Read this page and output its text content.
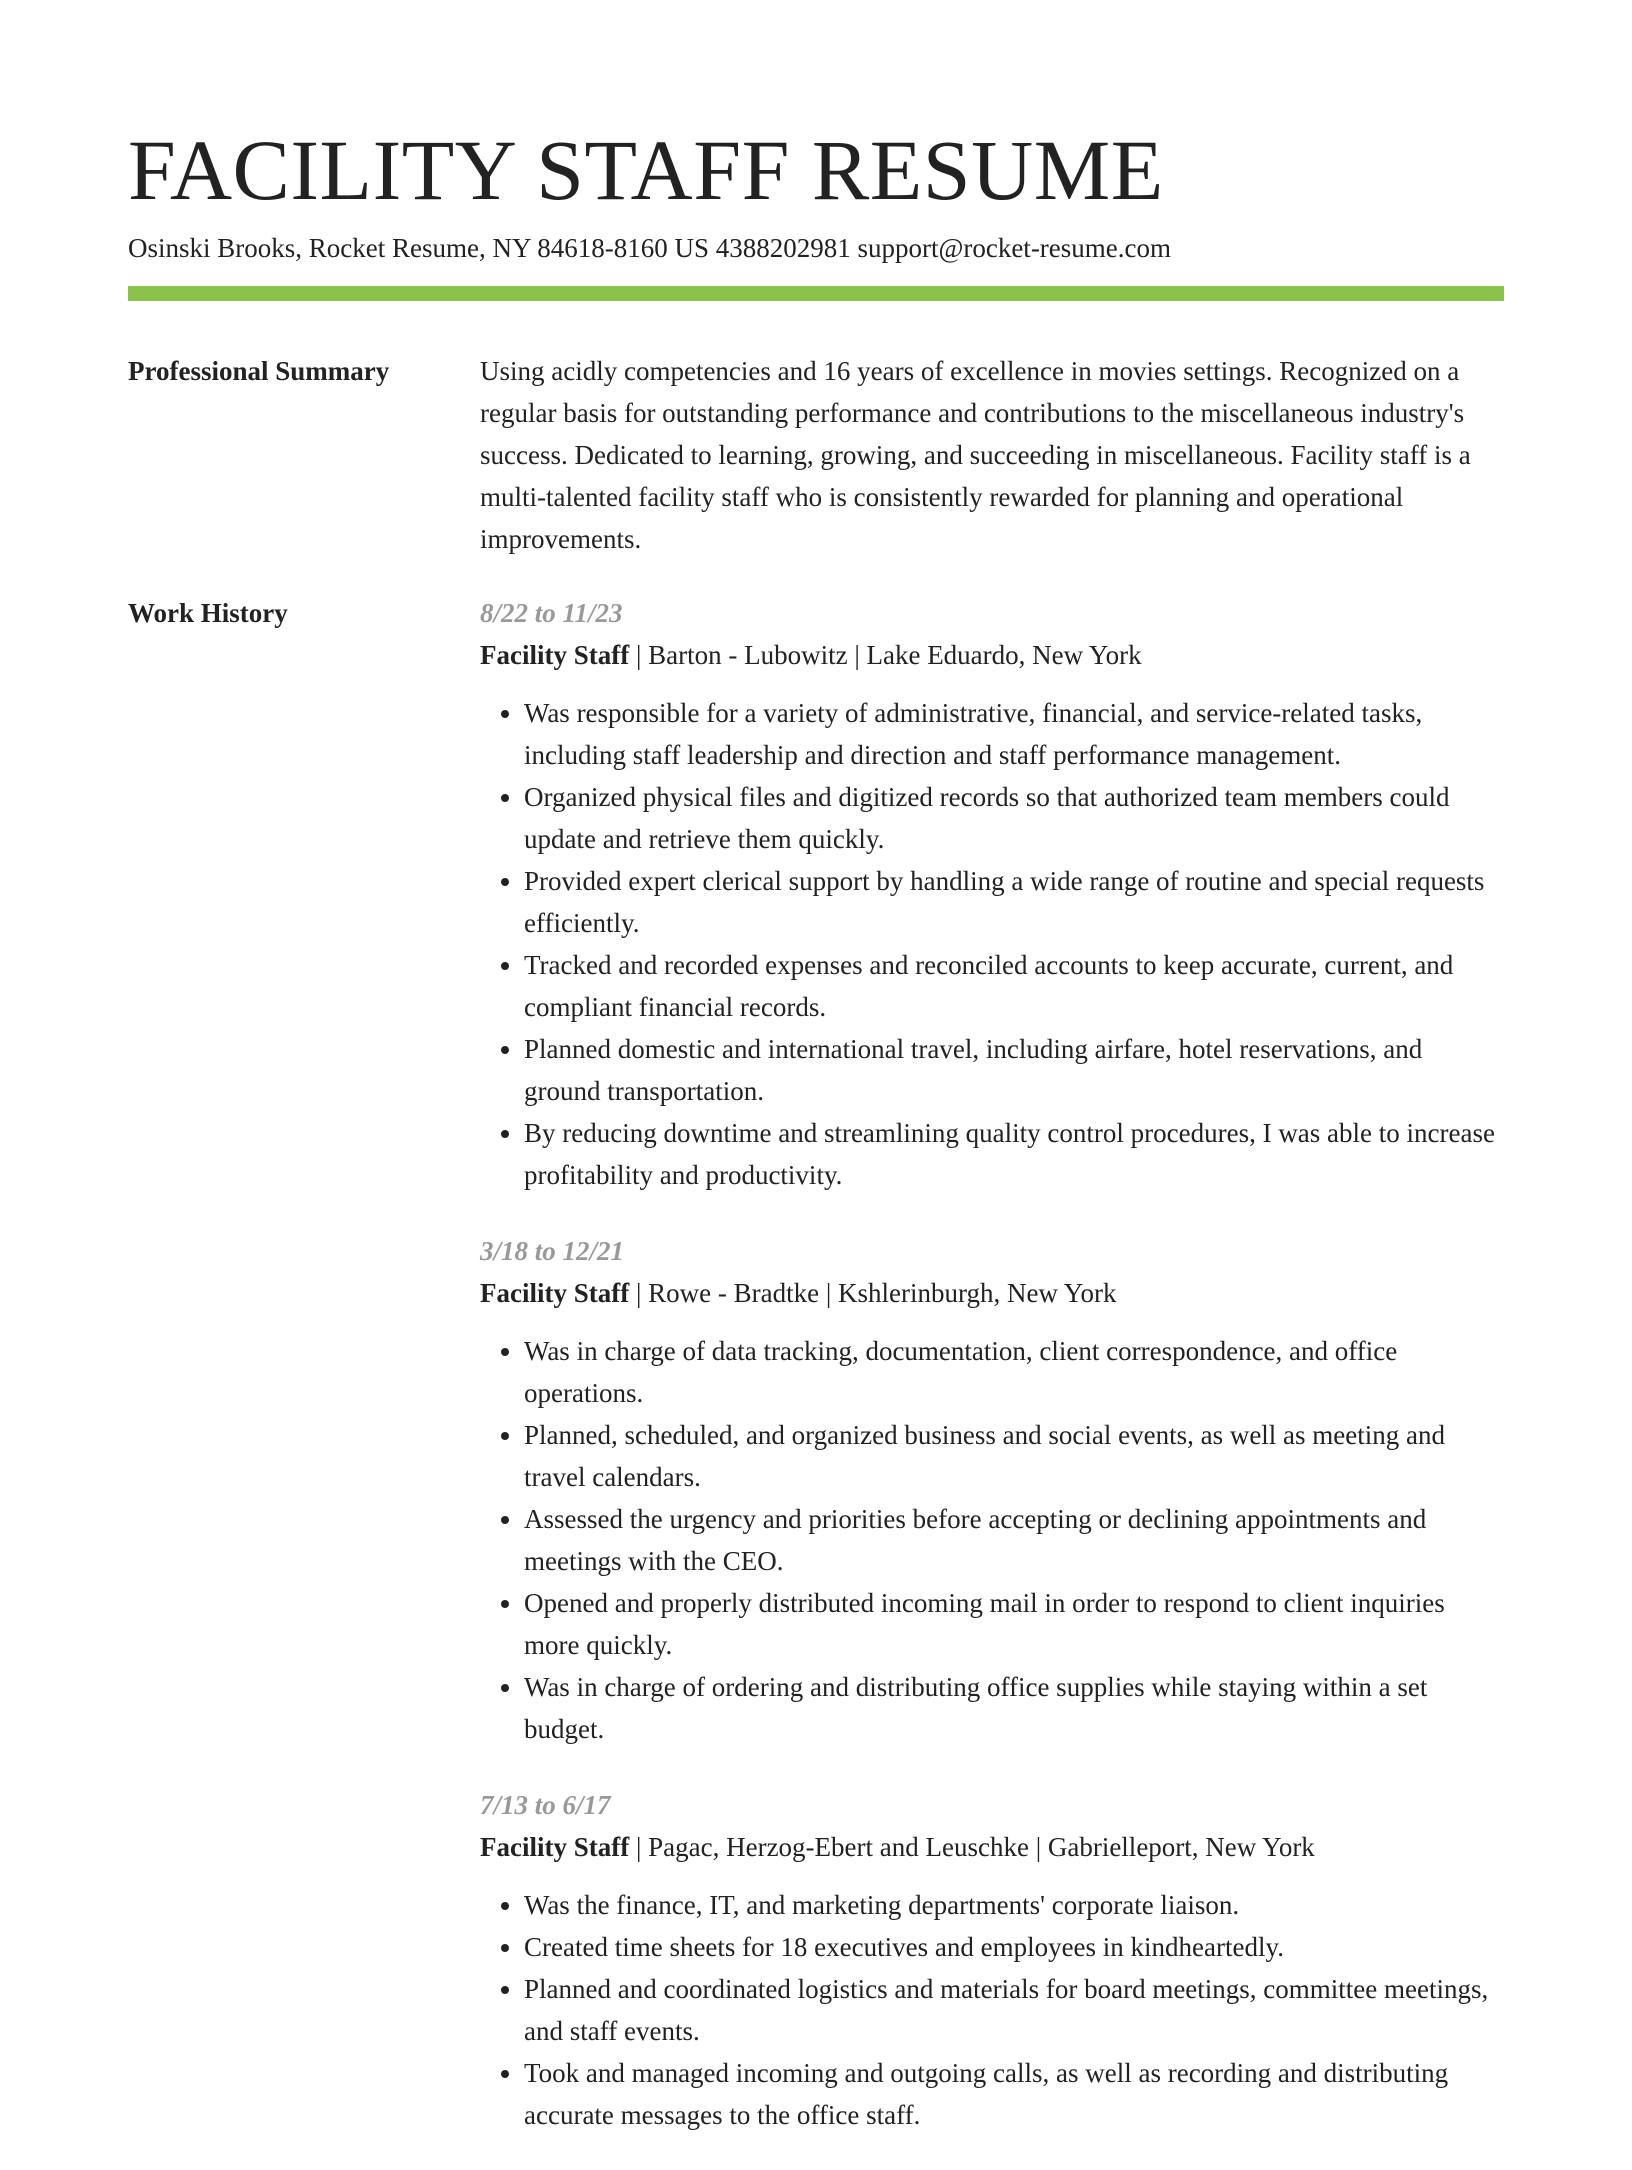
FACILITY STAFF RESUME
Osinski Brooks, Rocket Resume, NY 84618-8160 US 4388202981 support@rocket-resume.com
Professional Summary	Using acidly competencies and 16 years of excellence in movies settings. Recognized on a regular basis for outstanding performance and contributions to the miscellaneous industry's success. Dedicated to learning, growing, and succeeding in miscellaneous. Facility staff is a multi-talented facility staff who is consistently rewarded for planning and operational improvements.

Work History	8/22 to 11/23
Facility Staff | Barton - Lubowitz | Lake Eduardo, New York
• Was responsible for a variety of administrative, financial, and service-related tasks, including staff leadership and direction and staff performance management.
• Organized physical files and digitized records so that authorized team members could update and retrieve them quickly.
• Provided expert clerical support by handling a wide range of routine and special requests efficiently.
• Tracked and recorded expenses and reconciled accounts to keep accurate, current, and compliant financial records.
• Planned domestic and international travel, including airfare, hotel reservations, and ground transportation.
• By reducing downtime and streamlining quality control procedures, I was able to increase profitability and productivity.
3/18 to 12/21
Facility Staff | Rowe - Bradtke | Kshlerinburgh, New York
• Was in charge of data tracking, documentation, client correspondence, and office operations.
• Planned, scheduled, and organized business and social events, as well as meeting and travel calendars.
• Assessed the urgency and priorities before accepting or declining appointments and meetings with the CEO.
• Opened and properly distributed incoming mail in order to respond to client inquiries more quickly.
• Was in charge of ordering and distributing office supplies while staying within a set budget.
7/13 to 6/17
Facility Staff | Pagac, Herzog-Ebert and Leuschke | Gabrielleport, New York
• Was the finance, IT, and marketing departments' corporate liaison.
• Created time sheets for 18 executives and employees in kindheartedly.
• Planned and coordinated logistics and materials for board meetings, committee meetings, and staff events.
• Took and managed incoming and outgoing calls, as well as recording and distributing accurate messages to the office staff.
